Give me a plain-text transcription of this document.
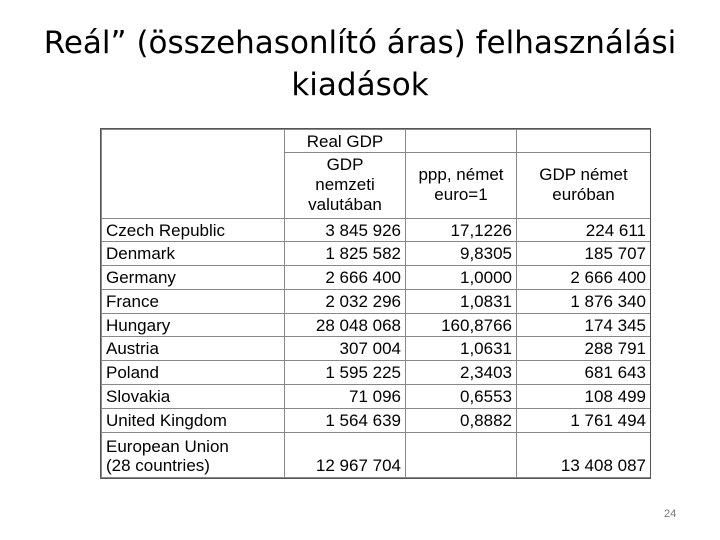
Reál” (összehasonlító áras) felhasználási
kiadások
	Real GDP		

	GDP nemzeti valutában	ppp, német euro=1	GDP német euróban

Czech Republic	3 845 926	17,1226	224 611
Denmark	1 825 582	9,8305	185 707
Germany	2 666 400	1,0000	2 666 400
France	2 032 296	1,0831	1 876 340
Hungary	28 048 068	160,8766	174 345
Austria	307 004	1,0631	288 791
Poland	1 595 225	2,3403	681 643
Slovakia	71 096	0,6553	108 499
United Kingdom	1 564 639	0,8882	1 761 494

European Union
(28 countries)	12 967 704		13 408 087
24
